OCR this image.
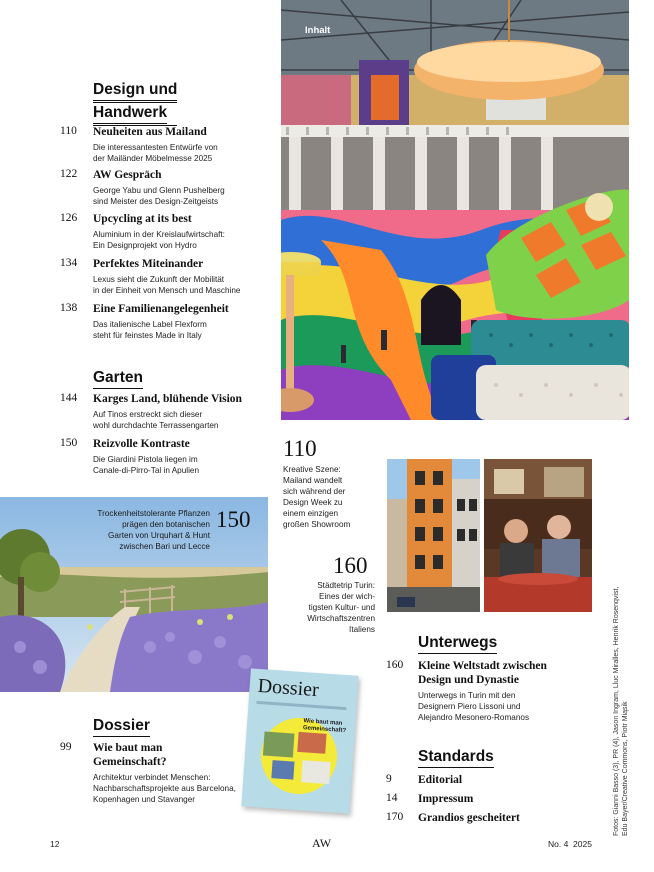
Inhalt
Design und
Handwerk
110 Neuheiten aus Mailand
Die interessantesten Entwürfe von
der Mailänder Möbelmesse 2025
122 AW Gespräch
George Yabu und Glenn Pushelberg
sind Meister des Design-Zeitgeists
126 Upcycling at its best
Aluminium in der Kreislaufwirtschaft:
Ein Designprojekt von Hydro
134 Perfektes Miteinander
Lexus sieht die Zukunft der Mobilität
in der Einheit von Mensch und Maschine
138 Eine Familienangelegenheit
Das italienische Label Flexform
steht für feinstes Made in Italy
Garten
144 Karges Land, blühende Vision
Auf Tinos erstreckt sich dieser
wohl durchdachte Terrassengarten
150 Reizvolle Kontraste
Die Giardini Pistola liegen im
Canale-di-Pirro-Tal in Apulien
110
Kreative Szene:
Mailand wandelt
sich während der
Design Week zu
einem einzigen
großen Showroom
160
Städtetrip Turin:
Eines der wich-
tigsten Kultur- und
Wirtschaftszentren
Italiens
Trockenheitstolerante Pflanzen
prägen den botanischen
Garten von Urquhart & Hunt
zwischen Bari und Lecce
150
Dossier
Wie baut man Gemeinschaft?
Dossier
99 Wie baut man
Gemeinschaft?
Architektur verbindet Menschen:
Nachbarschaftsprojekte aus Barcelona,
Kopenhagen und Stavanger
Unterwegs
160 Kleine Weltstadt zwischen
Design und Dynastie
Unterwegs in Turin mit den
Designern Piero Lissoni und
Alejandro Mesonero-Romanos
Standards
9 Editorial
14 Impressum
170 Grandios gescheitert	Fotos: Gianni Basso (3), PR (4), Jason Ingram, Lluc Miralles, Henrik Rosenqvist, Edu Bayer/Creative Commons, Piotr Miąsik
12	AW	No. 4  2025
